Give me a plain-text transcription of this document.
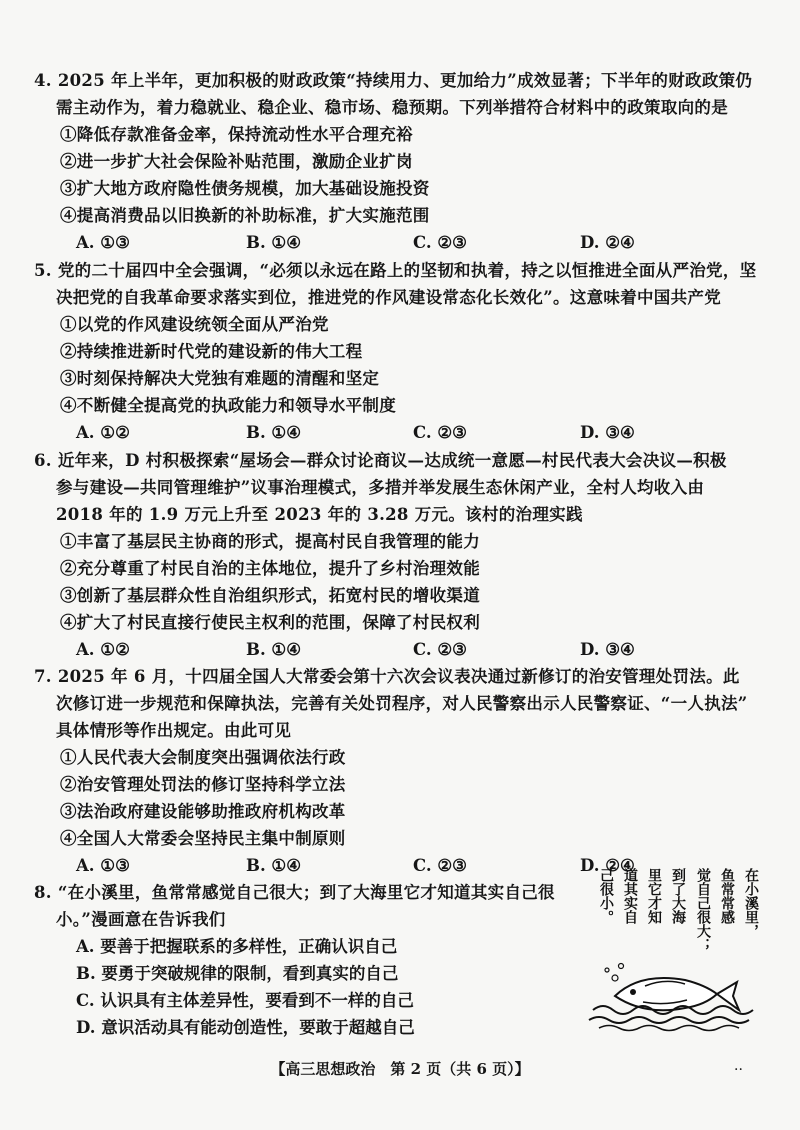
4. 2025 年上半年，更加积极的财政政策“持续用力、更加给力”成效显著；下半年的财政政策仍
需主动作为，着力稳就业、稳企业、稳市场、稳预期。下列举措符合材料中的政策取向的是
①降低存款准备金率，保持流动性水平合理充裕
②进一步扩大社会保险补贴范围，激励企业扩岗
③扩大地方政府隐性债务规模，加大基础设施投资
④提高消费品以旧换新的补助标准，扩大实施范围
A. ①③	B. ①④	C. ②③	D. ②④
5. 党的二十届四中全会强调，“必须以永远在路上的坚韧和执着，持之以恒推进全面从严治党，坚
决把党的自我革命要求落实到位，推进党的作风建设常态化长效化”。这意味着中国共产党
①以党的作风建设统领全面从严治党
②持续推进新时代党的建设新的伟大工程
③时刻保持解决大党独有难题的清醒和坚定
④不断健全提高党的执政能力和领导水平制度
A. ①②	B. ①④	C. ②③	D. ③④
6. 近年来，D 村积极探索“屋场会—群众讨论商议—达成统一意愿—村民代表大会决议—积极
参与建设—共同管理维护”议事治理模式，多措并举发展生态休闲产业，全村人均收入由
2018 年的 1.9 万元上升至 2023 年的 3.28 万元。该村的治理实践
①丰富了基层民主协商的形式，提高村民自我管理的能力
②充分尊重了村民自治的主体地位，提升了乡村治理效能
③创新了基层群众性自治组织形式，拓宽村民的增收渠道
④扩大了村民直接行使民主权利的范围，保障了村民权利
A. ①②	B. ①④	C. ②③	D. ③④
7. 2025 年 6 月，十四届全国人大常委会第十六次会议表决通过新修订的治安管理处罚法。此
次修订进一步规范和保障执法，完善有关处罚程序，对人民警察出示人民警察证、“一人执法”
具体情形等作出规定。由此可见
①人民代表大会制度突出强调依法行政
②治安管理处罚法的修订坚持科学立法
③法治政府建设能够助推政府机构改革
④全国人大常委会坚持民主集中制原则
A. ①③	B. ①④	C. ②③	D. ②④
8. “在小溪里，鱼常常感觉自己很大；到了大海里它才知道其实自己很
小。”漫画意在告诉我们
A. 要善于把握联系的多样性，正确认识自己
B. 要勇于突破规律的限制，看到真实的自己
C. 认识具有主体差异性，要看到不一样的自己
D. 意识活动具有能动创造性，要敢于超越自己
在小溪里，
鱼常常感
觉自己很大；
到了大海
里它才知
道其实自
己很小。
【高三思想政治　第 2 页（共 6 页）】	··
